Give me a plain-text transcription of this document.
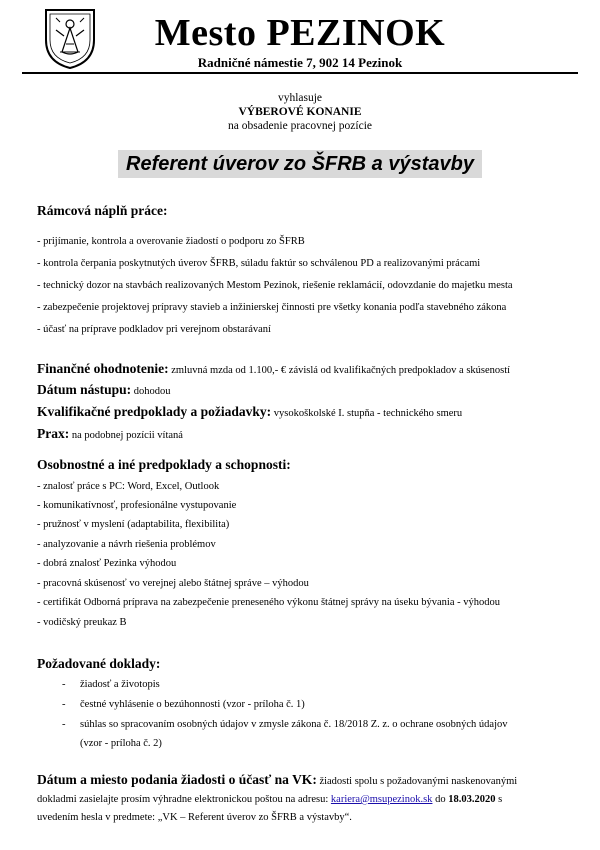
Mesto PEZINOK
Radničné námestie 7, 902 14 Pezinok
vyhlasuje
VÝBEROVÉ KONANIE
na obsadenie pracovnej pozície
Referent úverov zo ŠFRB a výstavby
Rámcová náplň práce:
- prijímanie, kontrola a overovanie žiadostí o podporu zo ŠFRB
- kontrola čerpania poskytnutých úverov ŠFRB, súladu faktúr so schválenou PD a realizovanými prácami
- technický dozor na stavbách realizovaných Mestom Pezinok, riešenie reklamácií, odovzdanie do majetku mesta
- zabezpečenie projektovej prípravy stavieb a inžinierskej činnosti pre všetky konania podľa stavebného zákona
- účasť na príprave podkladov pri verejnom obstarávaní
Finančné ohodnotenie: zmluvná mzda od 1.100,- € závislá od kvalifikačných predpokladov a skúseností
Dátum nástupu: dohodou
Kvalifikačné predpoklady a požiadavky: vysokoškolské I. stupňa - technického smeru
Prax: na podobnej pozícii vítaná
Osobnostné a iné predpoklady a schopnosti:
- znalosť práce s PC: Word, Excel, Outlook
- komunikatívnosť, profesionálne vystupovanie
- pružnosť v myslení (adaptabilita, flexibilita)
- analyzovanie a návrh riešenia problémov
- dobrá znalosť Pezinka výhodou
- pracovná skúsenosť vo verejnej alebo štátnej správe – výhodou
- certifikát Odborná príprava na zabezpečenie preneseného výkonu štátnej správy na úseku bývania - výhodou
- vodičský preukaz B
Požadované doklady:
- žiadosť a životopis
- čestné vyhlásenie o bezúhonnosti (vzor - príloha č. 1)
- súhlas so spracovaním osobných údajov v zmysle zákona č. 18/2018 Z. z. o ochrane osobných údajov
(vzor - príloha č. 2)
Dátum a miesto podania žiadosti o účasť na VK: žiadosti spolu s požadovanými naskenovanými
dokladmi zasielajte prosím výhradne elektronickou poštou na adresu: kariera@msupezinok.sk do 18.03.2020 s
uvedením hesla v predmete: „VK – Referent úverov zo ŠFRB a výstavby“.
